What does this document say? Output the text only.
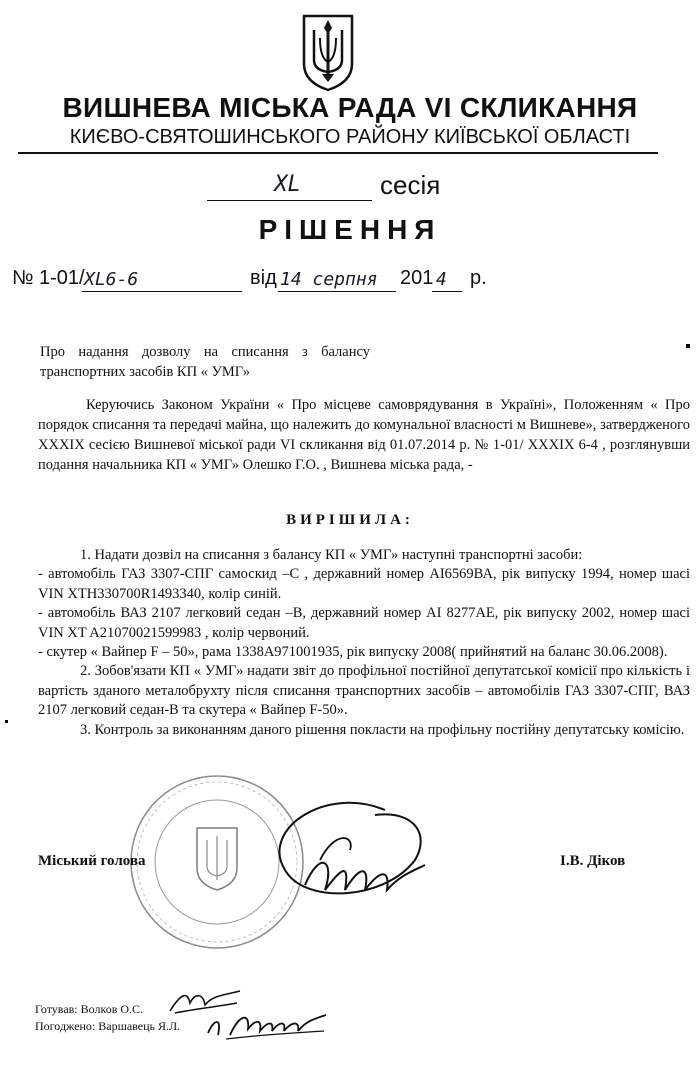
ВИШНЕВА МІСЬКА РАДА VI СКЛИКАННЯ
КИЄВО-СВЯТОШИНСЬКОГО РАЙОНУ КИЇВСЬКОЇ ОБЛАСТІ
XL	сесія
РІШЕННЯ
№ 1-01/ XL6-6	від 14 серпня 201 4 р.
Про надання дозволу на списання з балансу транспортних засобів КП « УМГ»
Керуючись Законом України « Про місцеве самоврядування в Україні», Положенням « Про порядок списання та передачі майна, що належить до комунальної власності м Вишневе», затвердженого XXXIX сесією Вишневої міської ради VI скликання від 01.07.2014 р. № 1-01/ XXXIX 6-4 , розглянувши подання начальника КП « УМГ» Олешко Г.О. , Вишнева міська рада, -
ВИРІШИЛА:

1. Надати дозвіл на списання з балансу КП « УМГ» наступні транспортні засоби:

- автомобіль ГАЗ 3307-СПГ самоскид –С , державний номер АІ6569ВА, рік випуску 1994, номер шасі VIN XTH330700R1493340, колір синій.

- автомобіль ВАЗ 2107 легковий седан –В, державний номер АІ 8277АЕ, рік випуску 2002, номер шасі VIN XT A21070021599983 , колір червоний.

- скутер « Вайпер F – 50», рама 1338А971001935, рік випуску 2008( прийнятий на баланс 30.06.2008).

2. Зобов'язати КП « УМГ» надати звіт до профільної постійної депутатської комісії про кількість і вартість зданого металобрухту після списання транспортних засобів – автомобілів ГАЗ 3307-СПГ, ВАЗ 2107 легковий седан-В та скутера « Вайпер F-50».

3. Контроль за виконанням даного рішення покласти на профільну постійну депутатську комісію.

Міський голова	І.В. Діков
Готував: Волков О.С.
Погоджено: Варшавець Я.Л.
